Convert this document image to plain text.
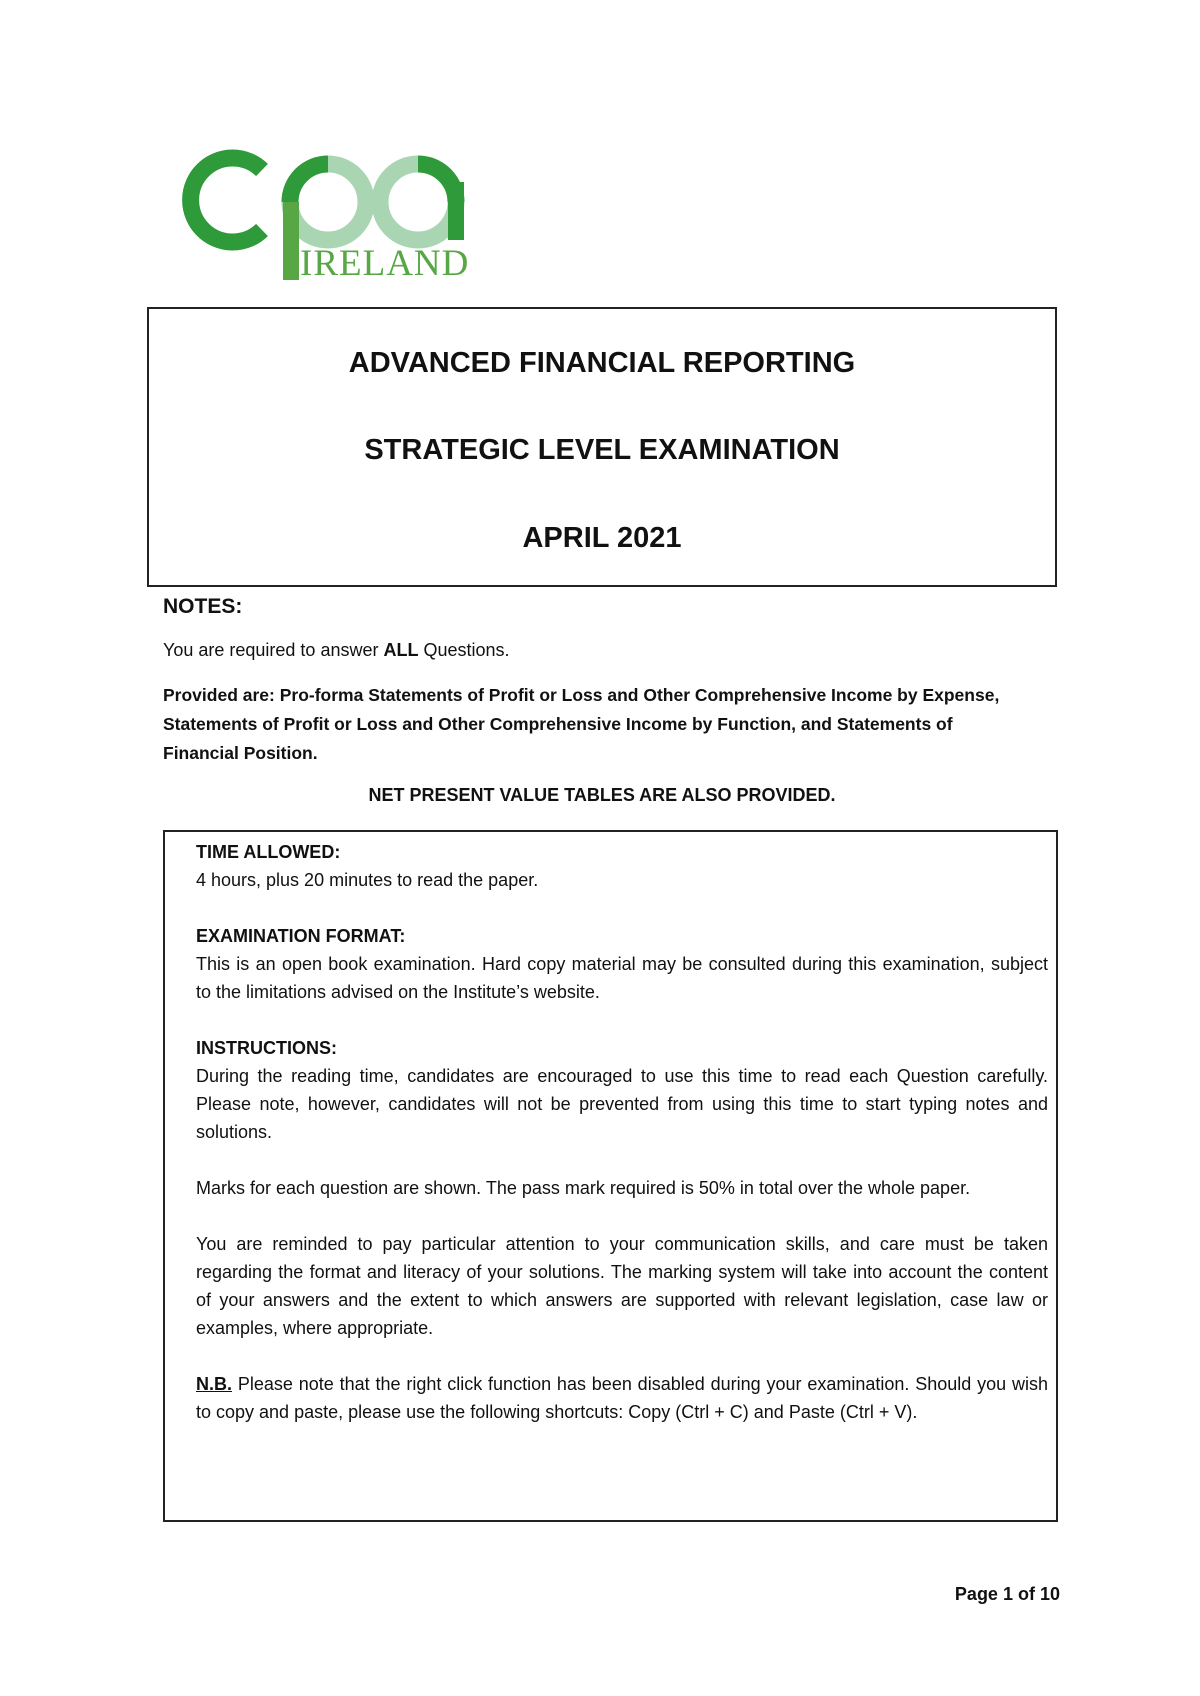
IRELAND
ADVANCED FINANCIAL REPORTING
STRATEGIC LEVEL EXAMINATION
APRIL 2021
NOTES:
You are required to answer ALL Questions.
Provided are: Pro-forma Statements of Profit or Loss and Other Comprehensive Income by Expense, Statements of Profit or Loss and Other Comprehensive Income by Function, and Statements of Financial Position.
NET PRESENT VALUE TABLES ARE ALSO PROVIDED.
TIME ALLOWED:
4 hours, plus 20 minutes to read the paper.
EXAMINATION FORMAT:
This is an open book examination. Hard copy material may be consulted during this examination, subject to the limitations advised on the Institute’s website.
INSTRUCTIONS:
During the reading time, candidates are encouraged to use this time to read each Question carefully. Please note, however, candidates will not be prevented from using this time to start typing notes and solutions.
Marks for each question are shown. The pass mark required is 50% in total over the whole paper.
You are reminded to pay particular attention to your communication skills, and care must be taken regarding the format and literacy of your solutions. The marking system will take into account the content of your answers and the extent to which answers are supported with relevant legislation, case law or examples, where appropriate.
N.B. Please note that the right click function has been disabled during your examination. Should you wish to copy and paste, please use the following shortcuts: Copy (Ctrl + C) and Paste (Ctrl + V).
Page 1 of 10
